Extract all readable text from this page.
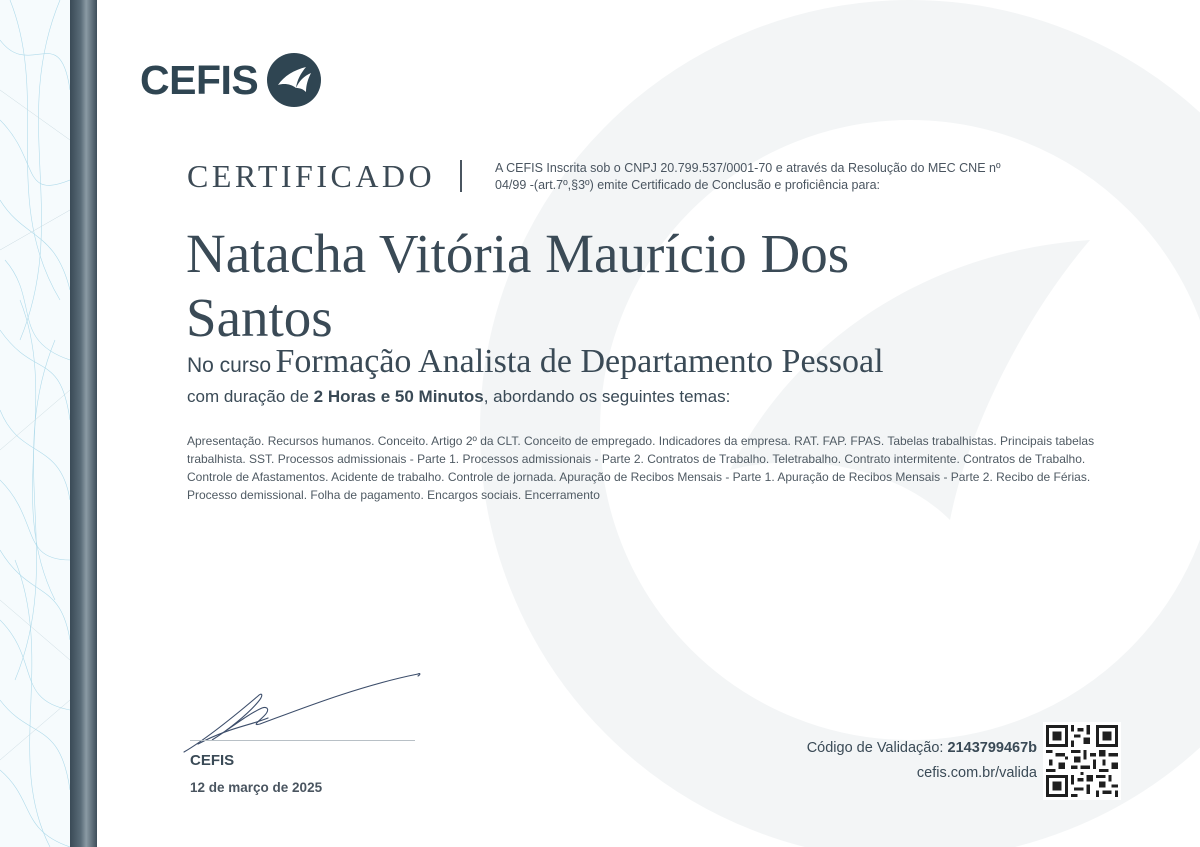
CEFIS
CERTIFICADO	A CEFIS Inscrita sob o CNPJ 20.799.537/0001-70 e através da Resolução do MEC CNE nº 04/99 -(art.7º,§3º) emite Certificado de Conclusão e proficiência para:
Natacha Vitória Maurício Dos Santos
No curso Formação Analista de Departamento Pessoal
com duração de 2 Horas e 50 Minutos, abordando os seguintes temas:
Apresentação. Recursos humanos. Conceito. Artigo 2º da CLT. Conceito de empregado. Indicadores da empresa. RAT. FAP. FPAS. Tabelas trabalhistas. Principais tabelas trabalhista. SST. Processos admissionais - Parte 1. Processos admissionais - Parte 2. Contratos de Trabalho. Teletrabalho. Contrato intermitente. Contratos de Trabalho. Controle de Afastamentos. Acidente de trabalho. Controle de jornada. Apuração de Recibos Mensais - Parte 1. Apuração de Recibos Mensais - Parte 2. Recibo de Férias. Processo demissional. Folha de pagamento. Encargos sociais. Encerramento
CEFIS
12 de março de 2025
Código de Validação: 2143799467b
cefis.com.br/valida
